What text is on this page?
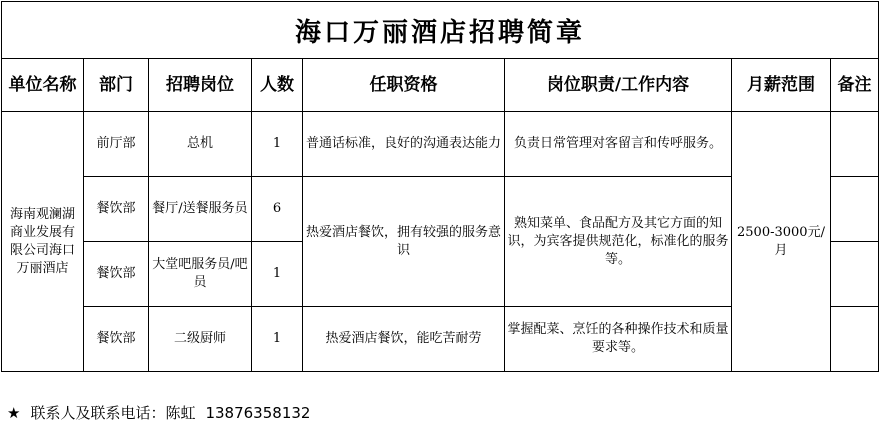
海口万丽酒店招聘简章							
单位名称	部门	招聘岗位	人数	任职资格	岗位职责/工作内容	月薪范围	备注
海南观澜湖商业发展有限公司海口万丽酒店	前厅部	总机	1	普通话标准，良好的沟通表达能力	负责日常管理对客留言和传呼服务。	2500-3000元/月	
	餐饮部	餐厅/送餐服务员	6	热爱酒店餐饮，拥有较强的服务意识	熟知菜单、食品配方及其它方面的知识，为宾客提供规范化，标准化的服务等。		
	餐饮部	大堂吧服务员/吧员	1				
	餐饮部	二级厨师	1	热爱酒店餐饮，能吃苦耐劳	掌握配菜、烹饪的各种操作技术和质量要求等。		
★ 联系人及联系电话：陈虹 13876358132
